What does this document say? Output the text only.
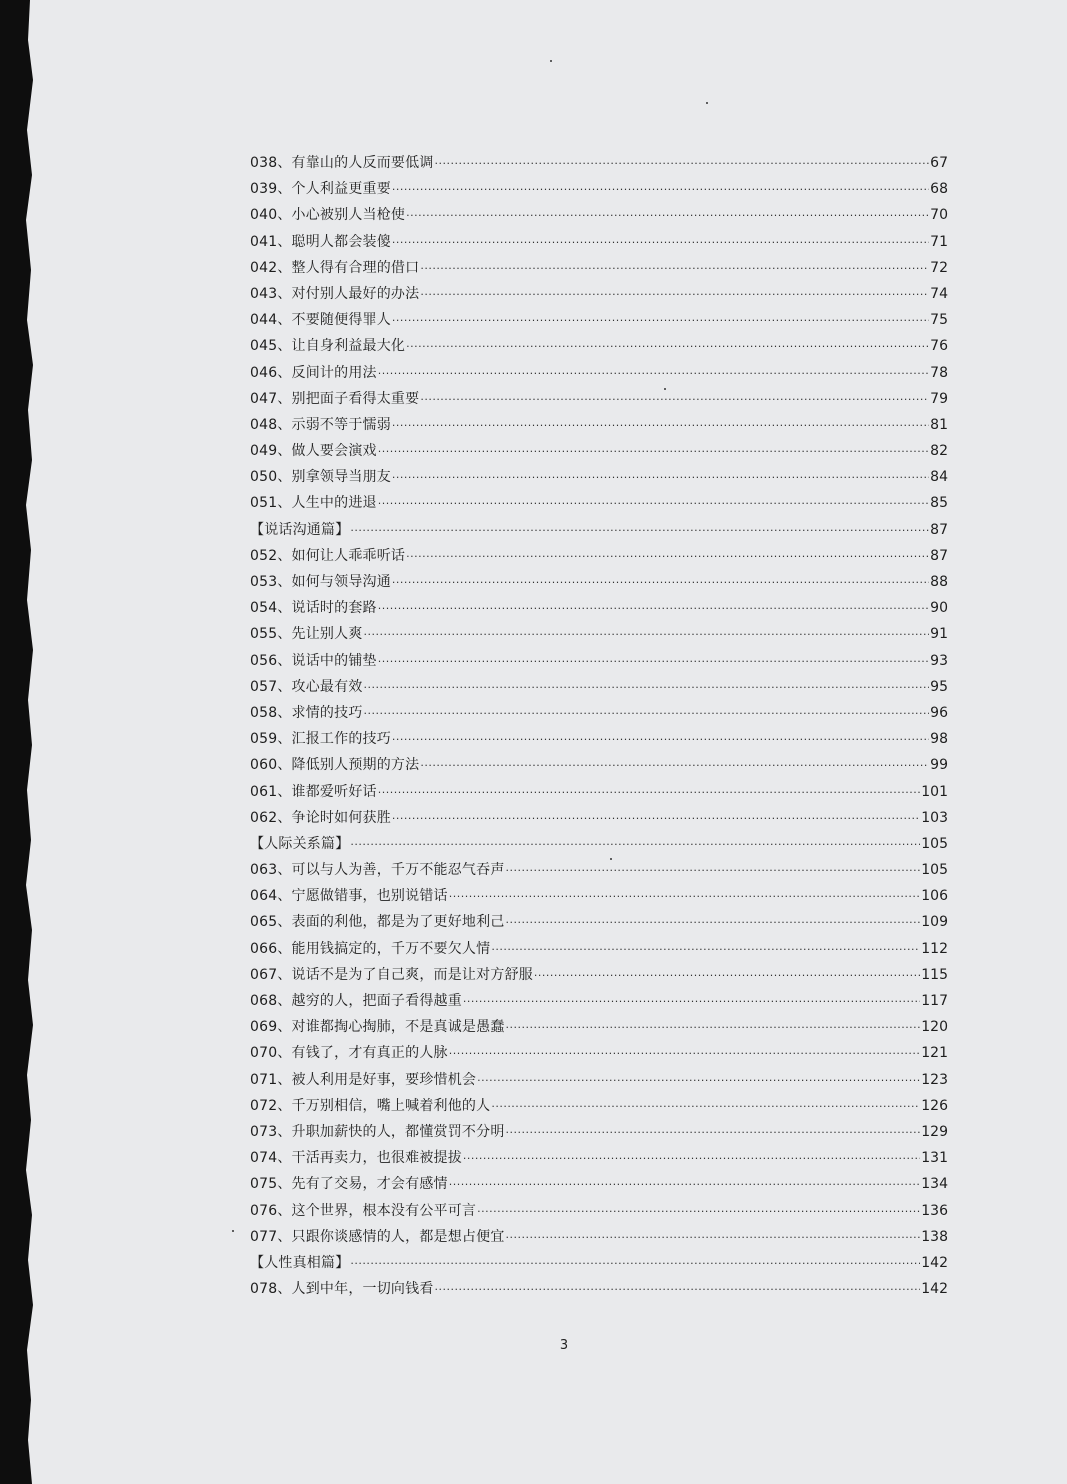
038、有靠山的人反而要低调 ·····	67
039、个人利益更重要 ·····	68
040、小心被别人当枪使 ·····	70
041、聪明人都会装傻 ·····	71
042、整人得有合理的借口 ·····	72
043、对付别人最好的办法 ·····	74
044、不要随便得罪人 ·····	75
045、让自身利益最大化 ·····	76
046、反间计的用法 ·····	78
047、别把面子看得太重要 ·····	79
048、示弱不等于懦弱 ·····	81
049、做人要会演戏 ·····	82
050、别拿领导当朋友 ·····	84
051、人生中的进退 ·····	85
【说话沟通篇】 ·····	87
052、如何让人乖乖听话 ·····	87
053、如何与领导沟通 ·····	88
054、说话时的套路 ·····	90
055、先让别人爽 ·····	91
056、说话中的铺垫 ·····	93
057、攻心最有效 ·····	95
058、求情的技巧 ·····	96
059、汇报工作的技巧 ·····	98
060、降低别人预期的方法 ·····	99
061、谁都爱听好话 ·····	101
062、争论时如何获胜 ·····	103
【人际关系篇】 ·····	105
063、可以与人为善，千万不能忍气吞声 ·····	105
064、宁愿做错事，也别说错话 ·····	106
065、表面的利他，都是为了更好地利己 ·····	109
066、能用钱搞定的，千万不要欠人情 ·····	112
067、说话不是为了自己爽，而是让对方舒服 ·····	115
068、越穷的人，把面子看得越重 ·····	117
069、对谁都掏心掏肺，不是真诚是愚蠢 ·····	120
070、有钱了，才有真正的人脉 ·····	121
071、被人利用是好事，要珍惜机会 ·····	123
072、千万别相信，嘴上喊着利他的人 ·····	126
073、升职加薪快的人，都懂赏罚不分明 ·····	129
074、干活再卖力，也很难被提拔 ·····	131
075、先有了交易，才会有感情 ·····	134
076、这个世界，根本没有公平可言 ·····	136
077、只跟你谈感情的人，都是想占便宜 ·····	138
【人性真相篇】 ·····	142
078、人到中年，一切向钱看 ·····	142
3
